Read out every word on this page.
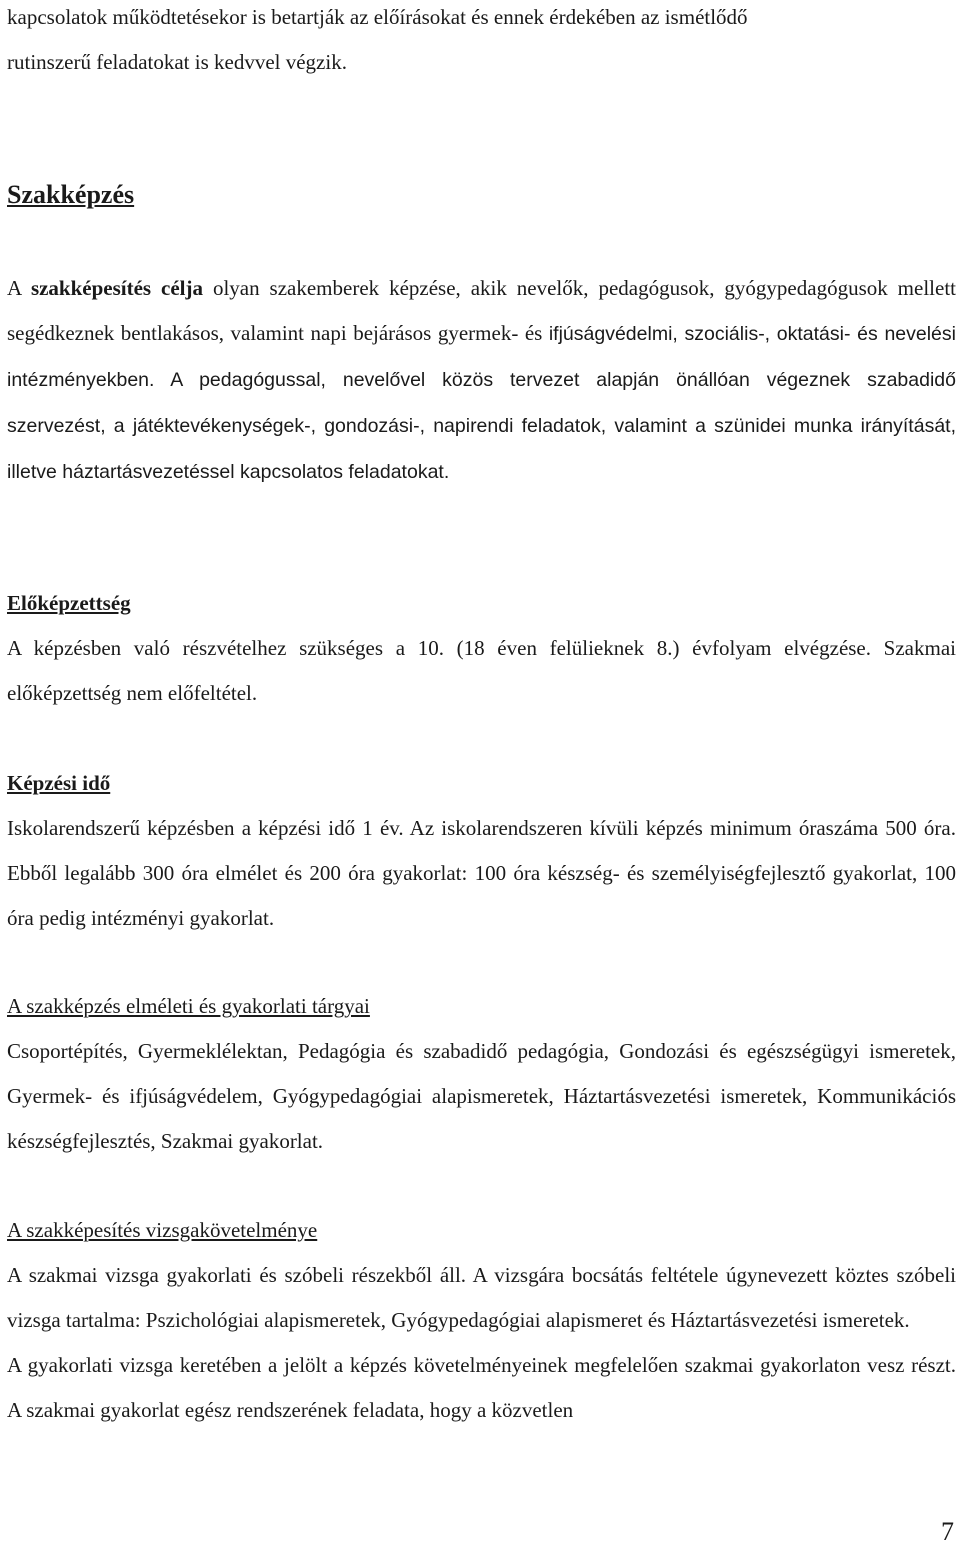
kapcsolatok működtetésekor is betartják az előírásokat és ennek érdekében az ismétlődő

rutinszerű feladatokat is kedvvel végzik.

Szakképzés

A szakképesítés célja olyan szakemberek képzése, akik nevelők, pedagógusok, gyógypedagógusok mellett segédkeznek bentlakásos, valamint napi bejárásos gyermek- és ifjúságvédelmi, szociális-, oktatási- és nevelési intézményekben. A pedagógussal, nevelővel közös tervezet alapján önállóan végeznek szabadidő szervezést, a játéktevékenységek-, gondozási-, napirendi feladatok, valamint a szünidei munka irányítását, illetve háztartásvezetéssel kapcsolatos feladatokat.

Előképzettség

A képzésben való részvételhez szükséges a 10. (18 éven felülieknek 8.) évfolyam elvégzése. Szakmai előképzettség nem előfeltétel.

Képzési idő

Iskolarendszerű képzésben a képzési idő 1 év. Az iskolarendszeren kívüli képzés minimum óraszáma 500 óra. Ebből legalább 300 óra elmélet és 200 óra gyakorlat: 100 óra készség- és személyiségfejlesztő gyakorlat, 100 óra pedig intézményi gyakorlat.

A szakképzés elméleti és gyakorlati tárgyai

Csoportépítés, Gyermeklélektan, Pedagógia és szabadidő pedagógia, Gondozási és egészségügyi ismeretek, Gyermek- és ifjúságvédelem, Gyógypedagógiai alapismeretek, Háztartásvezetési ismeretek, Kommunikációs készségfejlesztés, Szakmai gyakorlat.

A szakképesítés vizsgakövetelménye

A szakmai vizsga gyakorlati és szóbeli részekből áll. A vizsgára bocsátás feltétele úgynevezett köztes szóbeli vizsga tartalma: Pszichológiai alapismeretek, Gyógypedagógiai alapismeret és Háztartásvezetési ismeretek.

A gyakorlati vizsga keretében a jelölt a képzés követelményeinek megfelelően szakmai gyakorlaton vesz részt. A szakmai gyakorlat egész rendszerének feladata, hogy a közvetlen

7
